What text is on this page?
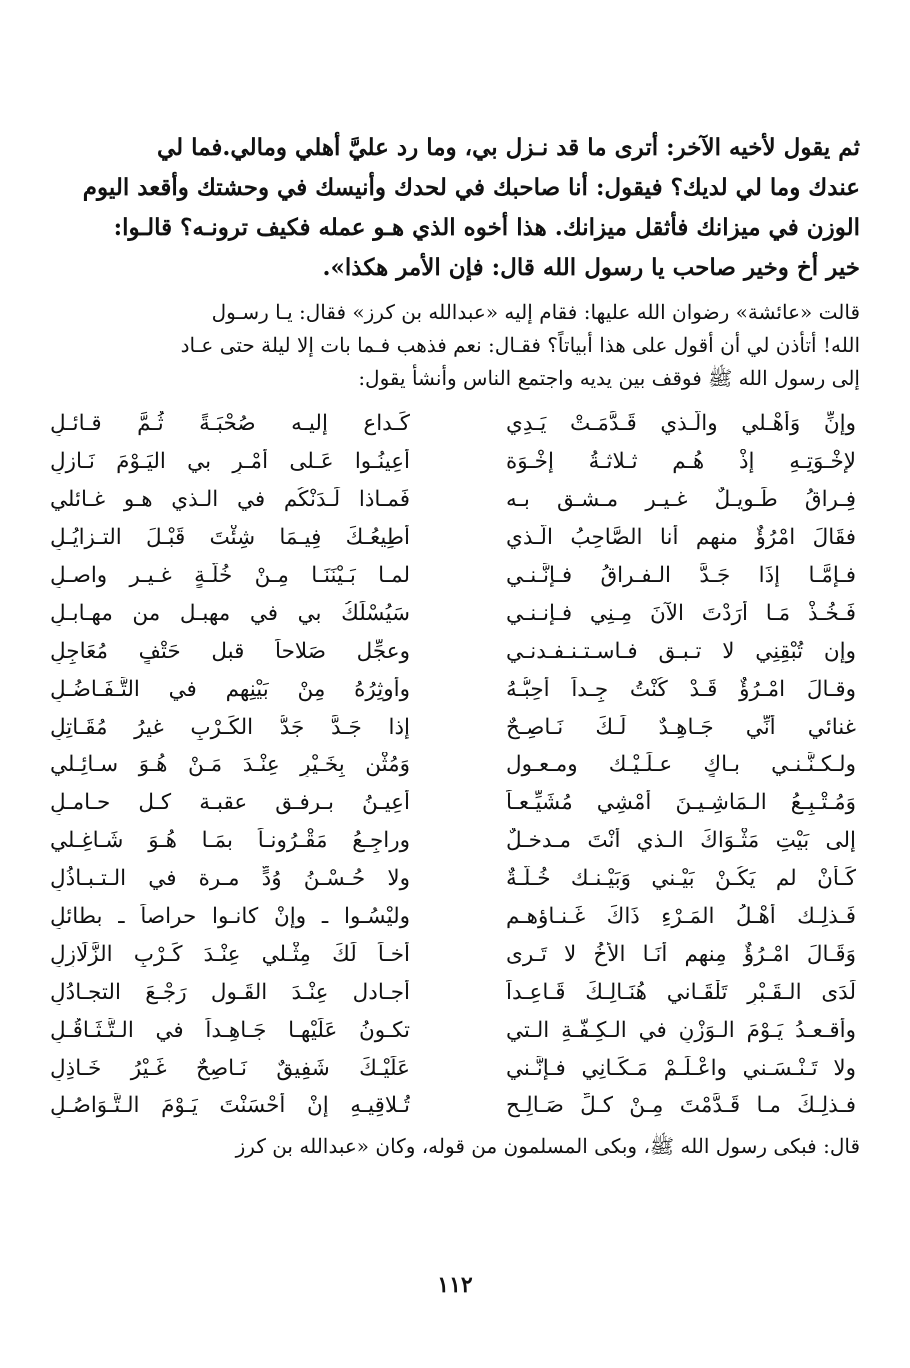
ثم يقول لأخيه الآخر: أترى ما قد نـزل بي، وما رد عليَّ أهلي ومالي.فما لي
عندك وما لي لديك؟ فيقول: أنا صاحبك في لحدك وأنيسك في وحشتك وأقعد اليوم
الوزن في ميزانك فأثقل ميزانك. هذا أخوه الذي هـو عمله فكيف ترونـه؟ قالـوا:
خير أخ وخير صاحب يا رسول الله قال: فإن الأمر هكذا».
قالت «عائشة» رضوان الله عليها: فقام إليه «عبدالله بن كرز» فقال: يـا رسـول
الله! أتأذن لي أن أقول على هذا أبياتاً؟ فقـال: نعم فذهب فـما بات إلا ليلة حتى عـاد
إلى رسول الله ﷺ فوقف بين يديه واجتمع الناس وأنشأ يقول:
وإنِّ وَأَهْـلي والَّـذي قَـدَّمَـتْ يَـدِي
كَـداعٍ إليـه صُحْبَـةً ثُـمَّ قـائـلِ
لإخْـوَتِـهِ إذْ هُـم ثـلاثـةُ إخْـوَة
أعِينُـوا عَـلى أمْـرٍ بي اليَـوْمَ نَـازلِ
فِـراقُ طَـويـلٌ غـيـر مـشـق بـه
فَمـاذا لَـدَنْكُم في الـذي هـو غـائلي
فقَالَ امْرُؤٌ منهم أنا الصَّاحِبُ الَّـذي
أُطِيعُـكَ فِيـمَا شِئْتَ قَبْـلَ التـزايُـلِ
فـإمَّـا إذَا جَـدَّ الـفـراقُ فـإنَّـنـي
لمـا بَـيْنَنَـا مِـنْ خُلَّـةٍ غـيـر واصـلِ
فَـخُـذْ مَـا أَرَدْتَ الآنَ مِـنِي فـإنـنـي
سَيُسْلَكُ بي في مهبـل من مهـابـلِ
وإن تُبْقِنِي لا تـبـق فـاسـتـنـفـدنـي
وعجِّل صَلاحاً قبل حَتْفٍ مُعَاجِلِ
وقـالَ امْـرُؤٌ قَـدْ كُنْتُ جِـداً أُحِبُّـهُ
وأوثِرُهُ مِنْ بَيْنِهِم في التَّـفَـاضُـلِ
غنائي أنِّي جَـاهِـدٌ لَـكَ نَـاصِـحٌ
إذا جَـدَّ جَدُّ الكَـرْبِ غيرُ مُقَـاتِلِ
ولـكـنَّـنـي بـاكٍ عـلَـيْـك ومـعـول
وَمُثْنٍ بِخَـيْرٍ عِنْـدَ مَـنْ هُـوَ سـائِـلي
وَمُـتْـبِـعُ الـمَاشِـيـنَ أَمْشِي مُشَيِّـعـاً
أُعِيـنُ بـرفـق عقبـة كـل حـامـلِ
إلى بَيْتِ مَثْـوَاكَ الـذي أَنْتَ مـدخـلٌ
وراجِـعُ مَقْـرُونـاً بمَـا هُـوَ شَـاغِـلي
كَـأنْ لم يَكُـنْ بَيْـني وَبَيْـنـك خُـلَّـةٌ
ولا حُـسْـنُ وُدٍّ مـرة في الـتـبـاذُلِ
فَـذلِـك أهْـلُ المَـرْءِ ذَاكَ غَـنـاؤهـم
وليْسُـوا ـ وإنْ كانـوا حراصاً ـ بطائلِ
وَقَـالَ امْـرُؤٌ مِنهم أَنَـا الأَخُ لا تَـرى
أَخـاً لَكَ مِثْـلي عِنْـدَ كَـرْبِ الزَّلَازِلِ
لَدَى الـقَـبْرِ تَلْقَـاني هُنَـالِـكَ قَـاعِـداً
أجـادل عِنْـدَ القَـول رَجْـعَ التجـادُلِ
وأقـعـدُ يَـوْمَ الـوَزْنِ في الـكِـفَّـةِ الـتي
تكـونُ عَلَيْهـا جَـاهِـداً في الـتَّـثَـاقُـلِ
ولا تَـنْـسَـني واعْـلَـمْ مَـكَـانِي فـإنَّـني
عَلَيْـكَ شَفِيقٌ نَـاصِحٌ غَـيْرُ خَـاذِلِ
فـذلِـكَ مـا قَـدَّمْتَ مِـنْ كـلِّ صَـالِـحٍ
تُـلاقِيـهِ إنْ أَحْسَنْتَ يَـوْمَ الـتَّـوَاصُـلِ
قال: فبكى رسول الله ﷺ، وبكى المسلمون من قوله، وكان «عبدالله بن كرز
١١٢
